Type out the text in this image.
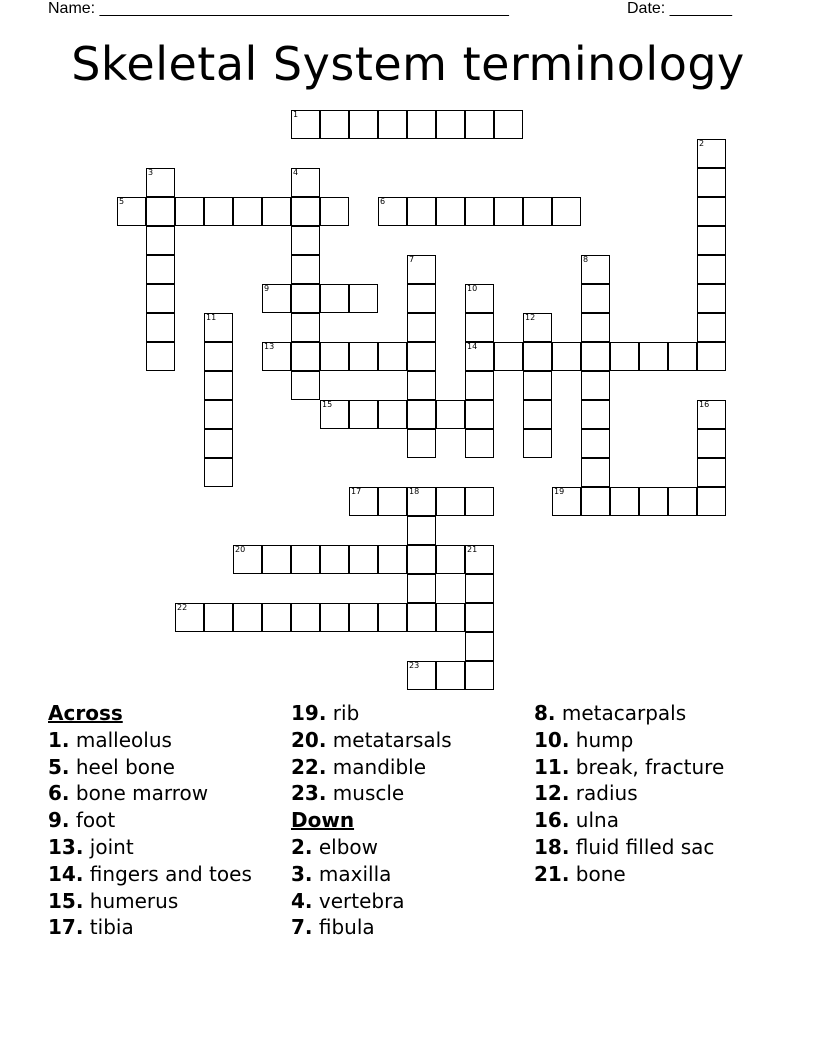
Name: ______________________________________________	Date: _______
Skeletal System terminology
1
2
3	4
5	6
7	8
9	10
14
11	12
13
15	16
17	18	19
20	21
22
23
Across
1. malleolus
5. heel bone
6. bone marrow
9. foot
13. joint
14. fingers and toes
15. humerus
17. tibia
19. rib
20. metatarsals
22. mandible
23. muscle
Down
2. elbow
3. maxilla
4. vertebra
7. fibula
8. metacarpals
10. hump
11. break, fracture
12. radius
16. ulna
18. fluid filled sac
21. bone
